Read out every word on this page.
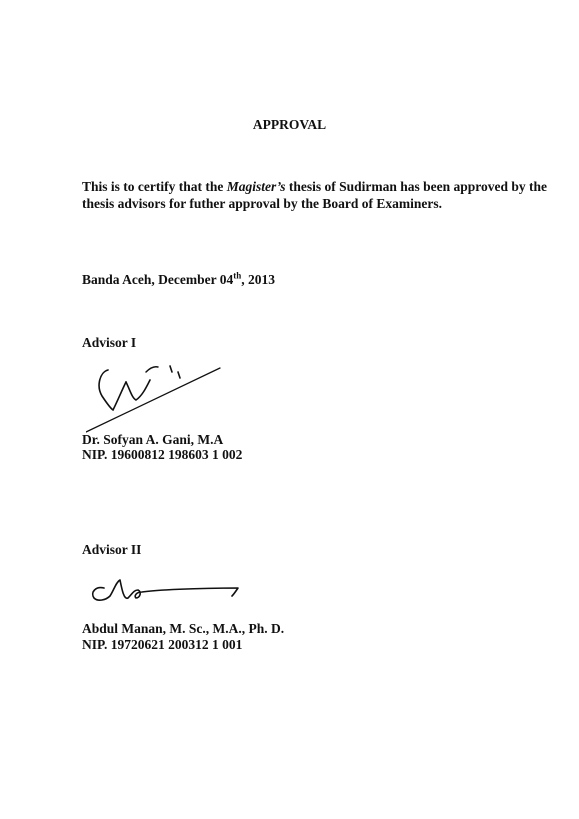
APPROVAL
This is to certify that the Magister’s thesis of Sudirman has been approved by the thesis advisors for futher approval by the Board of Examiners.
Banda Aceh, December 04th, 2013
Advisor I
Dr. Sofyan A. Gani, M.A
NIP. 19600812 198603 1 002
Advisor II
Abdul Manan, M. Sc., M.A., Ph. D.
NIP. 19720621 200312 1 001
